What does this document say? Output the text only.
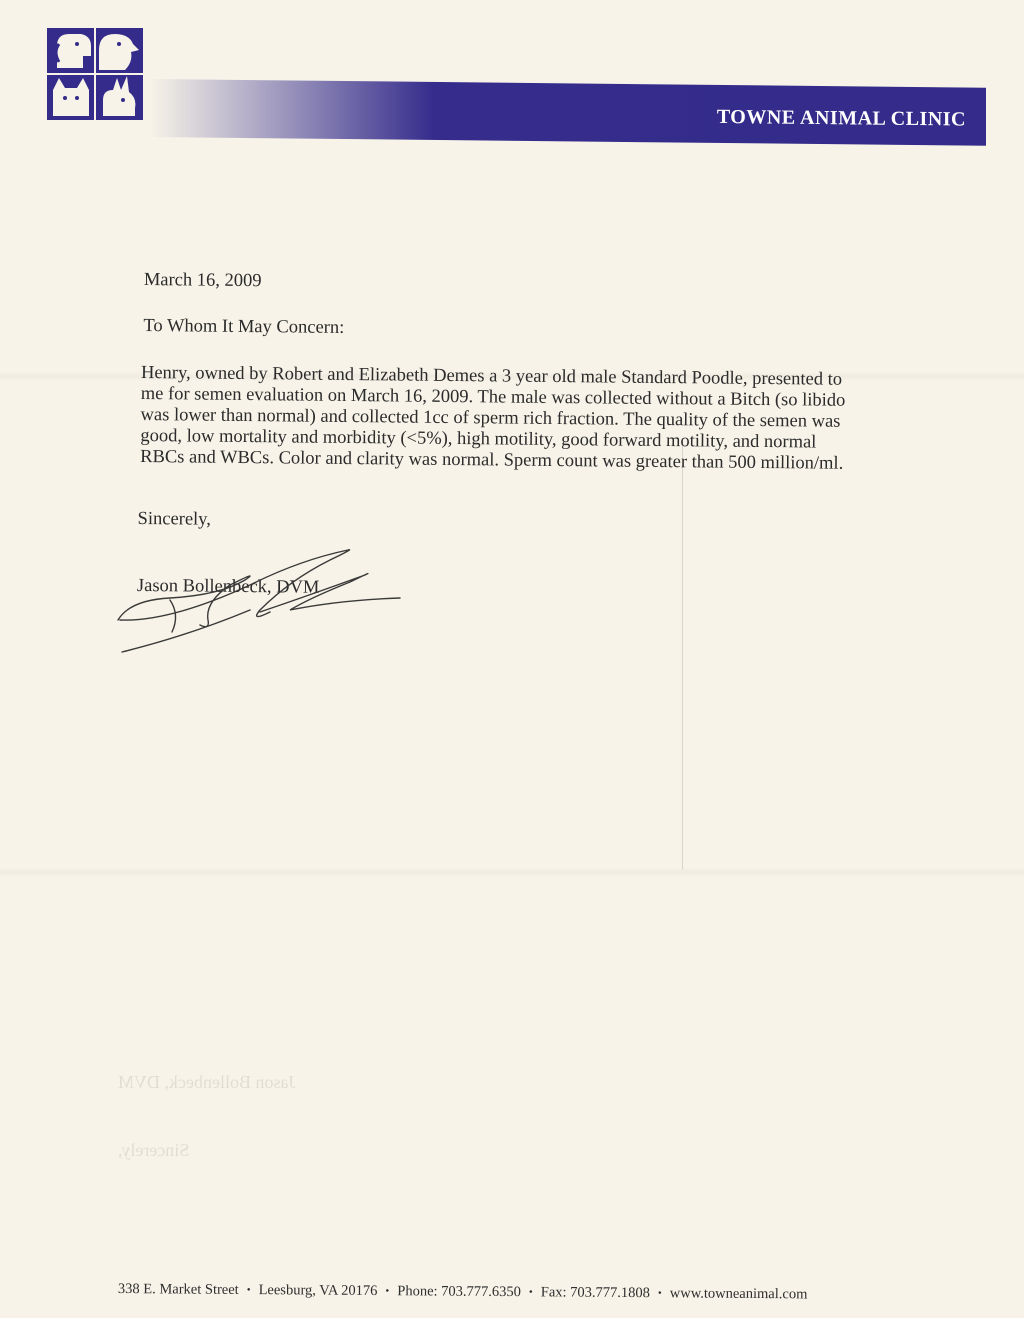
TOWNE ANIMAL CLINIC

March 16, 2009

To Whom It May Concern:

Henry, owned by Robert and Elizabeth Demes a 3 year old male Standard Poodle, presented to me for semen evaluation on March 16, 2009. The male was collected without a Bitch (so libido was lower than normal) and collected 1cc of sperm rich fraction. The quality of the semen was good, low mortality and morbidity (<5%), high motility, good forward motility, and normal RBCs and WBCs. Color and clarity was normal. Sperm count was greater than 500 million/ml.

Sincerely,

Jason Bollenbeck, DVM

Jason Bollenbeck, DVM
Sincerely,
338 E. Market Street • Leesburg, VA 20176 • Phone: 703.777.6350 • Fax: 703.777.1808 • www.towneanimal.com
